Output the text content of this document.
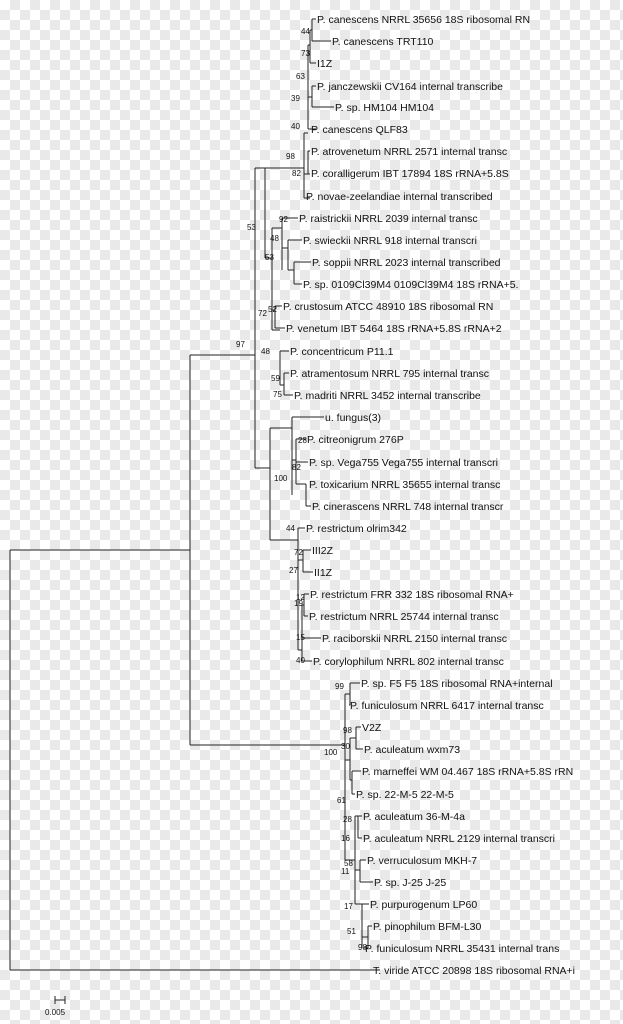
P. canescens NRRL 35656 18S ribosomal RN
P. canescens TRT110
I1Z
P. janczewskii CV164 internal transcribe
P. sp. HM104 HM104
P. canescens QLF83
P. atrovenetum NRRL 2571 internal transc
P. coralligerum IBT 17894 18S rRNA+5.8S
P. novae-zeelandiae internal transcribed
P. raistrickii NRRL 2039 internal transc
P. swieckii NRRL 918 internal transcri
P. soppii NRRL 2023 internal transcribed
P. sp. 0109Cl39M4 0109Cl39M4 18S rRNA+5.
P. crustosum ATCC 48910 18S ribosomal RN
P. venetum IBT 5464 18S rRNA+5.8S rRNA+2
P. concentricum P11.1
P. atramentosum NRRL 795 internal transc
P. madriti NRRL 3452 internal transcribe
u. fungus(3)
P. citreonigrum 276P
P. sp. Vega755 Vega755 internal transcri
P. toxicarium NRRL 35655 internal transc
P. cinerascens NRRL 748 internal transcr
P. restrictum olrim342
III2Z
II1Z
P. restrictum FRR 332 18S ribosomal RNA+
P. restrictum NRRL 25744 internal transc
P. raciborskii NRRL 2150 internal transc
P. corylophilum NRRL 802 internal transc
P. sp. F5 F5 18S ribosomal RNA+internal
P. funiculosum NRRL 6417 internal transc
V2Z
P. aculeatum wxm73
P. marneffei WM 04.467 18S rRNA+5.8S rRN
P. sp. 22-M-5 22-M-5
P. aculeatum 36-M-4a
P. aculeatum NRRL 2129 internal transcri
P. verruculosum MKH-7
P. sp. J-25 J-25
P. purpurogenum LP60
P. pinophilum BFM-L30
P. funiculosum NRRL 35431 internal trans
T. viride ATCC 20898 18S ribosomal RNA+i
44
73
63
39
40
98
82
53
92
48
53
52
72
48
59
75
97
28
82
100
44
72
27
12
19
15
40
99
98
30
100
61
28
16
58
11
17
51
98
0.005
